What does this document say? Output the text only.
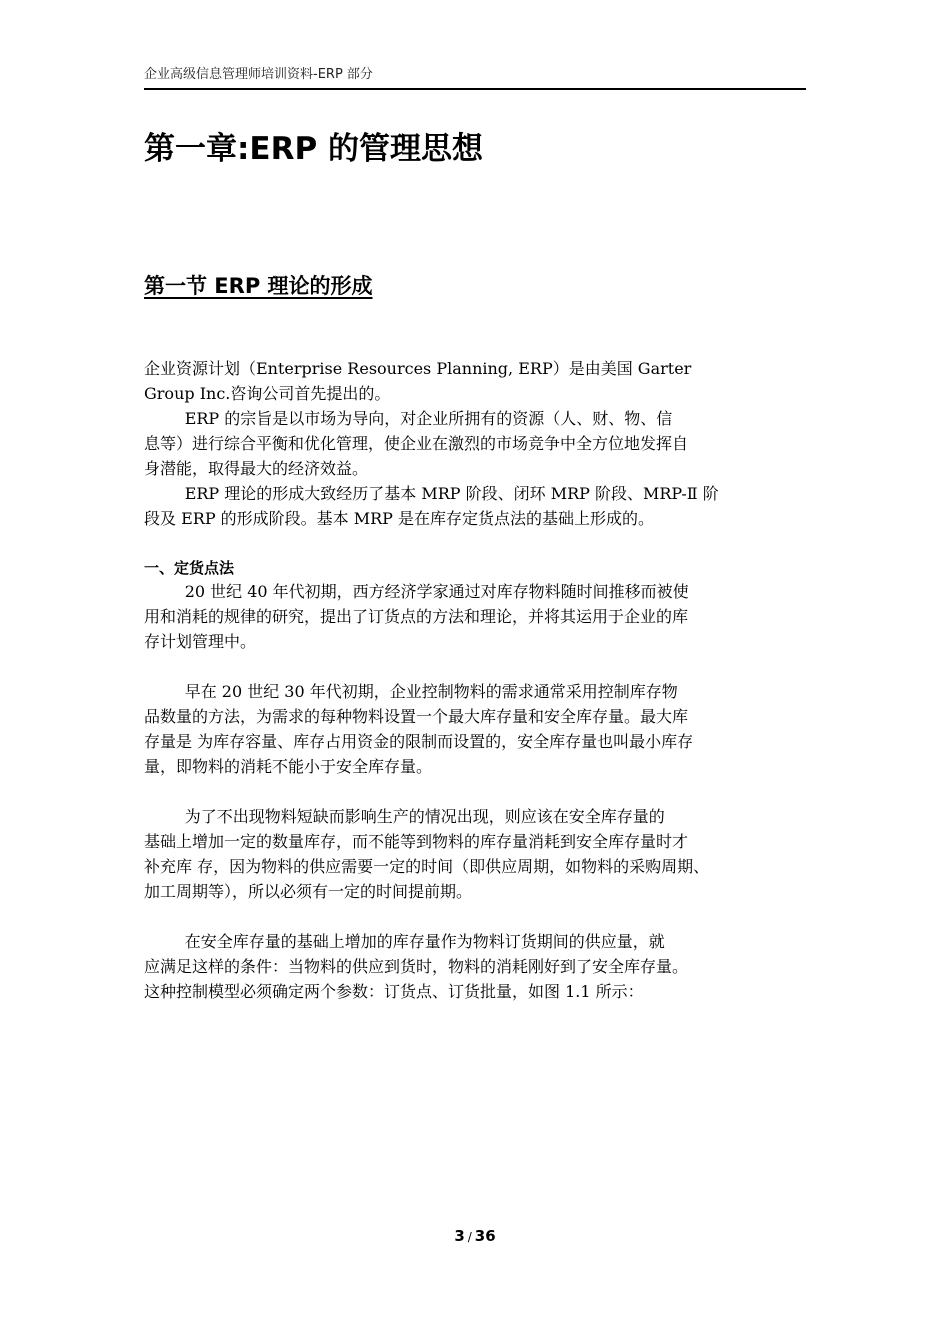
企业高级信息管理师培训资料-ERP 部分
第一章:ERP 的管理思想
第一节 ERP 理论的形成

企业资源计划（Enterprise Resources Planning, ERP）是由美国 Garter
Group Inc.咨询公司首先提出的。

ERP 的宗旨是以市场为导向，对企业所拥有的资源（人、财、物、信
息等）进行综合平衡和优化管理，使企业在激烈的市场竞争中全方位地发挥自
身潜能，取得最大的经济效益。

ERP 理论的形成大致经历了基本 MRP 阶段、闭环 MRP 阶段、MRP-Ⅱ 阶
段及 ERP 的形成阶段。基本 MRP 是在库存定货点法的基础上形成的。

一、定货点法

20 世纪 40 年代初期，西方经济学家通过对库存物料随时间推移而被使
用和消耗的规律的研究，提出了订货点的方法和理论，并将其运用于企业的库
存计划管理中。

早在 20 世纪 30 年代初期，企业控制物料的需求通常采用控制库存物
品数量的方法，为需求的每种物料设置一个最大库存量和安全库存量。最大库
存量是 为库存容量、库存占用资金的限制而设置的，安全库存量也叫最小库存
量，即物料的消耗不能小于安全库存量。

为了不出现物料短缺而影响生产的情况出现，则应该在安全库存量的
基础上增加一定的数量库存，而不能等到物料的库存量消耗到安全库存量时才
补充库 存，因为物料的供应需要一定的时间（即供应周期，如物料的采购周期、
加工周期等），所以必须有一定的时间提前期。

在安全库存量的基础上增加的库存量作为物料订货期间的供应量，就
应满足这样的条件：当物料的供应到货时，物料的消耗刚好到了安全库存量。
这种控制模型必须确定两个参数：订货点、订货批量，如图 1.1 所示：

3 / 36
